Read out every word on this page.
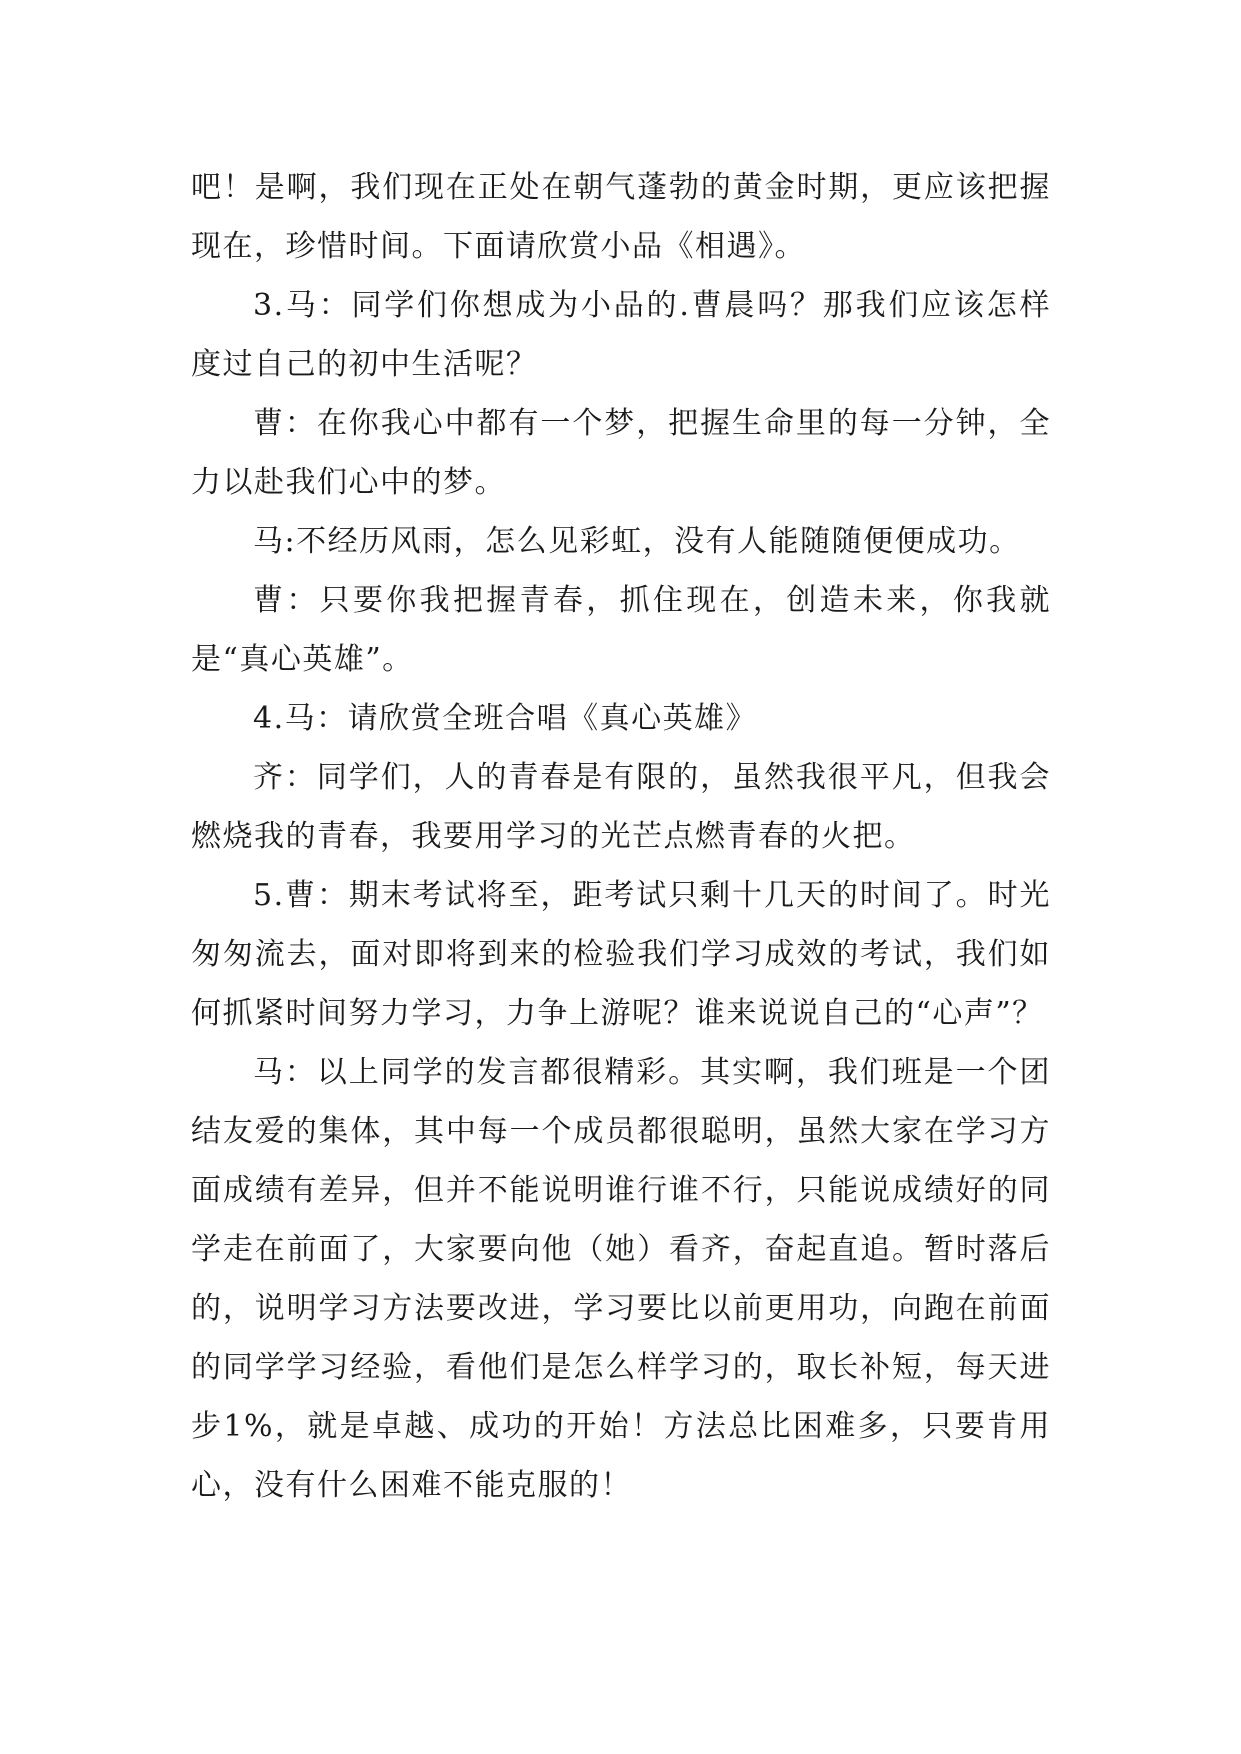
吧！是啊，我们现在正处在朝气蓬勃的黄金时期，更应该把握现在，珍惜时间。下面请欣赏小品《相遇》。

3.马：同学们你想成为小品的.曹晨吗？那我们应该怎样度过自己的初中生活呢？

曹：在你我心中都有一个梦，把握生命里的每一分钟，全力以赴我们心中的梦。

马:不经历风雨，怎么见彩虹，没有人能随随便便成功。

曹：只要你我把握青春，抓住现在，创造未来，你我就是“真心英雄”。

4.马：请欣赏全班合唱《真心英雄》

齐：同学们，人的青春是有限的，虽然我很平凡，但我会燃烧我的青春，我要用学习的光芒点燃青春的火把。

5.曹：期末考试将至，距考试只剩十几天的时间了。时光匆匆流去，面对即将到来的检验我们学习成效的考试，我们如何抓紧时间努力学习，力争上游呢？谁来说说自己的“心声”？

马：以上同学的发言都很精彩。其实啊，我们班是一个团结友爱的集体，其中每一个成员都很聪明，虽然大家在学习方面成绩有差异，但并不能说明谁行谁不行，只能说成绩好的同学走在前面了，大家要向他（她）看齐，奋起直追。暂时落后的，说明学习方法要改进，学习要比以前更用功，向跑在前面的同学学习经验，看他们是怎么样学习的，取长补短，每天进步1%，就是卓越、成功的开始！方法总比困难多，只要肯用心，没有什么困难不能克服的！
